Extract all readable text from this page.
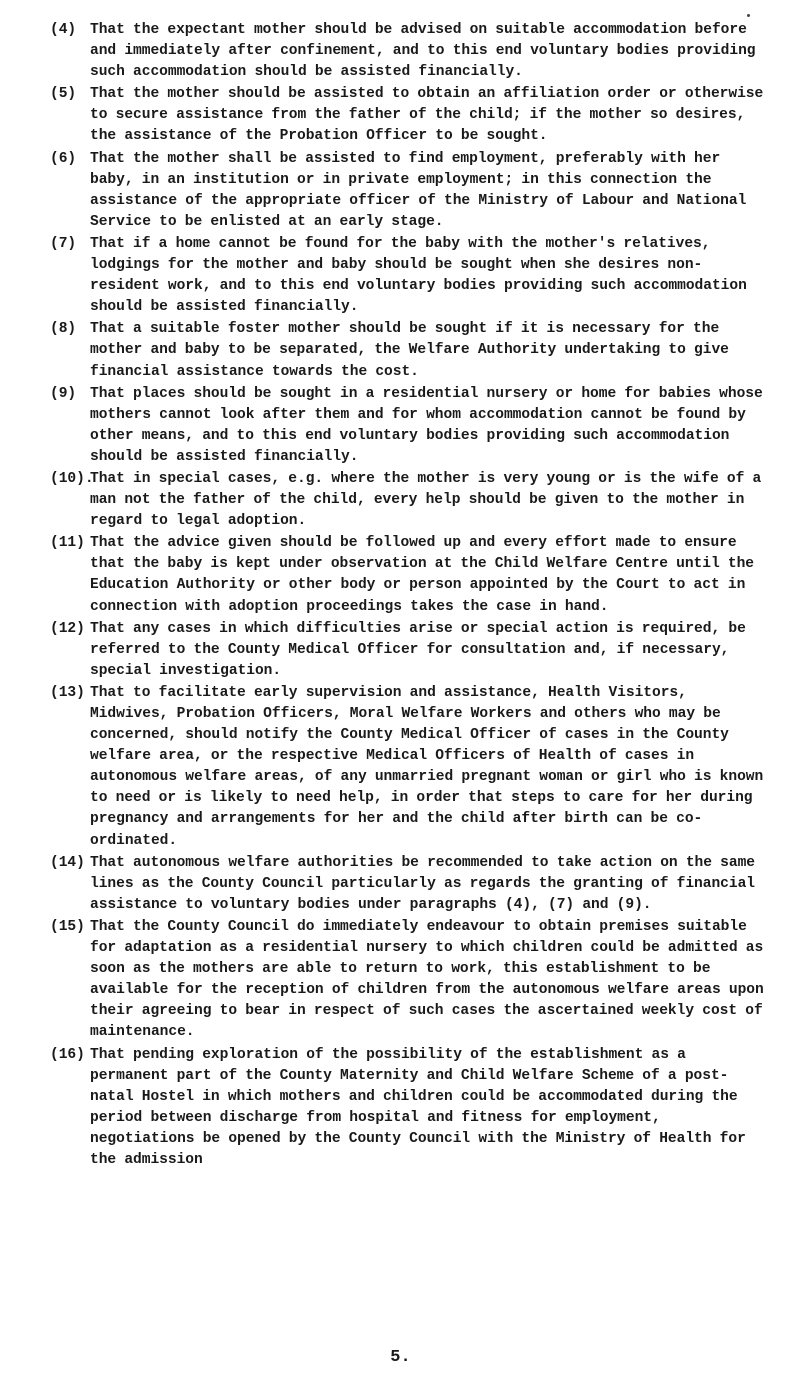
(4) That the expectant mother should be advised on suitable accommodation before and immediately after confinement, and to this end voluntary bodies providing such accommodation should be assisted financially.

(5) That the mother should be assisted to obtain an affiliation order or otherwise to secure assistance from the father of the child; if the mother so desires, the assistance of the Probation Officer to be sought.

(6) That the mother shall be assisted to find employment, preferably with her baby, in an institution or in private employment; in this connection the assistance of the appropriate officer of the Ministry of Labour and National Service to be enlisted at an early stage.

(7) That if a home cannot be found for the baby with the mother's relatives, lodgings for the mother and baby should be sought when she desires non-resident work, and to this end voluntary bodies providing such accommodation should be assisted financially.

(8) That a suitable foster mother should be sought if it is necessary for the mother and baby to be separated, the Welfare Authority undertaking to give financial assistance towards the cost.

(9) That places should be sought in a residential nursery or home for babies whose mothers cannot look after them and for whom accommodation cannot be found by other means, and to this end voluntary bodies providing such accommodation should be assisted financially.

(10).
That in special cases, e.g. where the mother is very young or is the wife of a man not the father of the child, every help should be given to the mother in regard to legal adoption.

(11) That the advice given should be followed up and every effort made to ensure that the baby is kept under observation at the Child Welfare Centre until the Education Authority or other body or person appointed by the Court to act in connection with adoption proceedings takes the case in hand.

(12) That any cases in which difficulties arise or special action is required, be referred to the County Medical Officer for consultation and, if necessary, special investigation.

(13) That to facilitate early supervision and assistance, Health Visitors, Midwives, Probation Officers, Moral Welfare Workers and others who may be concerned, should notify the County Medical Officer of cases in the County welfare area, or the respective Medical Officers of Health of cases in autonomous welfare areas, of any unmarried pregnant woman or girl who is known to need or is likely to need help, in order that steps to care for her during pregnancy and arrangements for her and the child after birth can be co-ordinated.

(14) That autonomous welfare authorities be recommended to take action on the same lines as the County Council particularly as regards the granting of financial assistance to voluntary bodies under paragraphs (4), (7) and (9).

(15) That the County Council do immediately endeavour to obtain premises suitable for adaptation as a residential nursery to which children could be admitted as soon as the mothers are able to return to work, this establishment to be available for the reception of children from the autonomous welfare areas upon their agreeing to bear in respect of such cases the ascertained weekly cost of maintenance.

(16) That pending exploration of the possibility of the establishment as a permanent part of the County Maternity and Child Welfare Scheme of a post-natal Hostel in which mothers and children could be accommodated during the period between discharge from hospital and fitness for employment, negotiations be opened by the County Council with the Ministry of Health for the admission

5.
